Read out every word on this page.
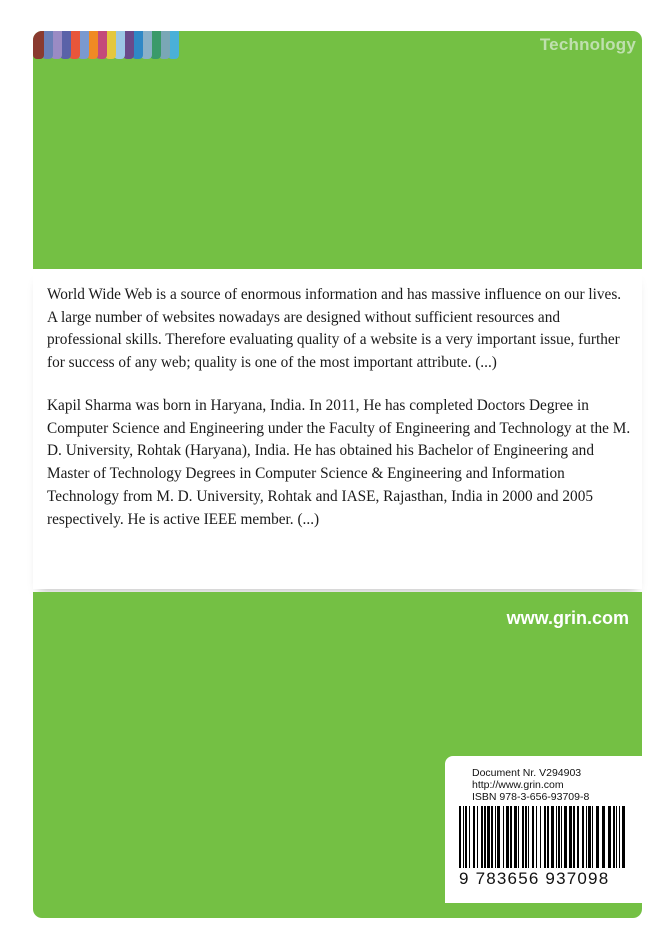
Technology

World Wide Web is a source of enormous information and has massive influence on our lives. A large number of websites nowadays are designed without sufficient resources and professional skills. Therefore evaluating quality of a website is a very important issue, further for success of any web; quality is one of the most important attribute. (...)

Kapil Sharma was born in Haryana, India. In 2011, He has completed Doctors Degree in Computer Science and Engineering under the Faculty of Engineering and Technology at the M. D. University, Rohtak (Haryana), India. He has obtained his Bachelor of Engineering and Master of Technology Degrees in Computer Science & Engineering and Information Technology from M. D. University, Rohtak and IASE, Rajasthan, India in 2000 and 2005 respectively. He is active IEEE member. (...)

www.grin.com
Document Nr. V294903
http://www.grin.com
ISBN 978-3-656-93709-8
9 783656 937098
